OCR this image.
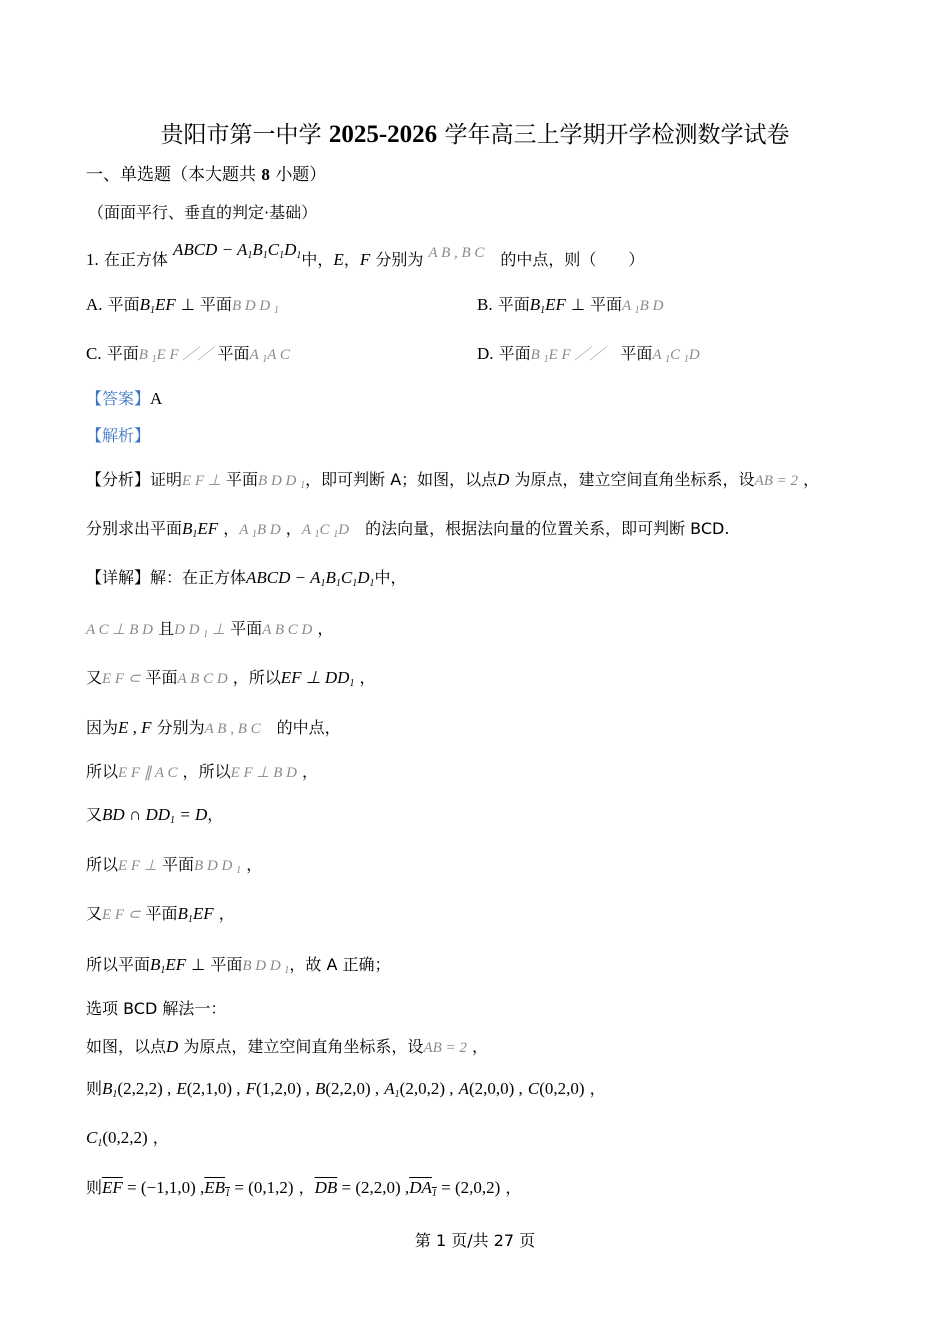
贵阳市第一中学 2025-2026 学年高三上学期开学检测数学试卷
一、单选题（本大题共 8 小题）
（面面平行、垂直的判定·基础）
1. 在正方体 ABCD − $A_1B_1C_1D_1$中，E，F 分别为 A B , B C　 的中点，则（　　）
A. 平面$B_1EF$ ⊥ 平面B D D $_1$	B. 平面$B_1EF$ ⊥ 平面A $_1$B D
C. 平面B $_1$E F ／／ 平面A $_1$A C	D. 平面B $_1$E F ／／　 平面A $_1$C $_1$D
【答案】A
【解析】
【分析】证明E F ⊥ 平面B D D $_1$，即可判断 A；如图，以点D 为原点，建立空间直角坐标系，设AB = 2 ，
分别求出平面$B_1EF$ ，A $_1$B D ，A $_1$C $_1$D　 的法向量，根据法向量的位置关系，即可判断 BCD.
【详解】解：在正方体ABCD − $A_1B_1C_1D_1$中，
A C ⊥ B D 且D D $_1$ ⊥ 平面A B C D ，
又E F ⊂ 平面A B C D ，所以EF ⊥ $DD_1$ ，
因为E , F 分别为A B , B C　 的中点，
所以E F ∥ A C ，所以E F ⊥ B D ，
又BD ∩ $DD_1 = D$，
所以E F ⊥ 平面B D D $_1$ ，
又E F ⊂ 平面$B_1EF$ ，
所以平面$B_1EF$ ⊥ 平面B D D $_1$，故 A 正确；
选项 BCD 解法一：
如图，以点D 为原点，建立空间直角坐标系，设AB = 2 ，
则$B_1(2,2,2)$ , E(2,1,0) , F(1,2,0) , B(2,2,0) , $A_1(2,0,2)$ , A(2,0,0) , C(0,2,0) ，
$C_1(0,2,2)$ ，
则$\overline{EF} = (-1,1,0) ,EB_1 = (0,1,2)$ ，$\overline{DB} = (2,2,0) ,DA_1 = (2,0,2)$ ，
第 1 页/共 27 页
